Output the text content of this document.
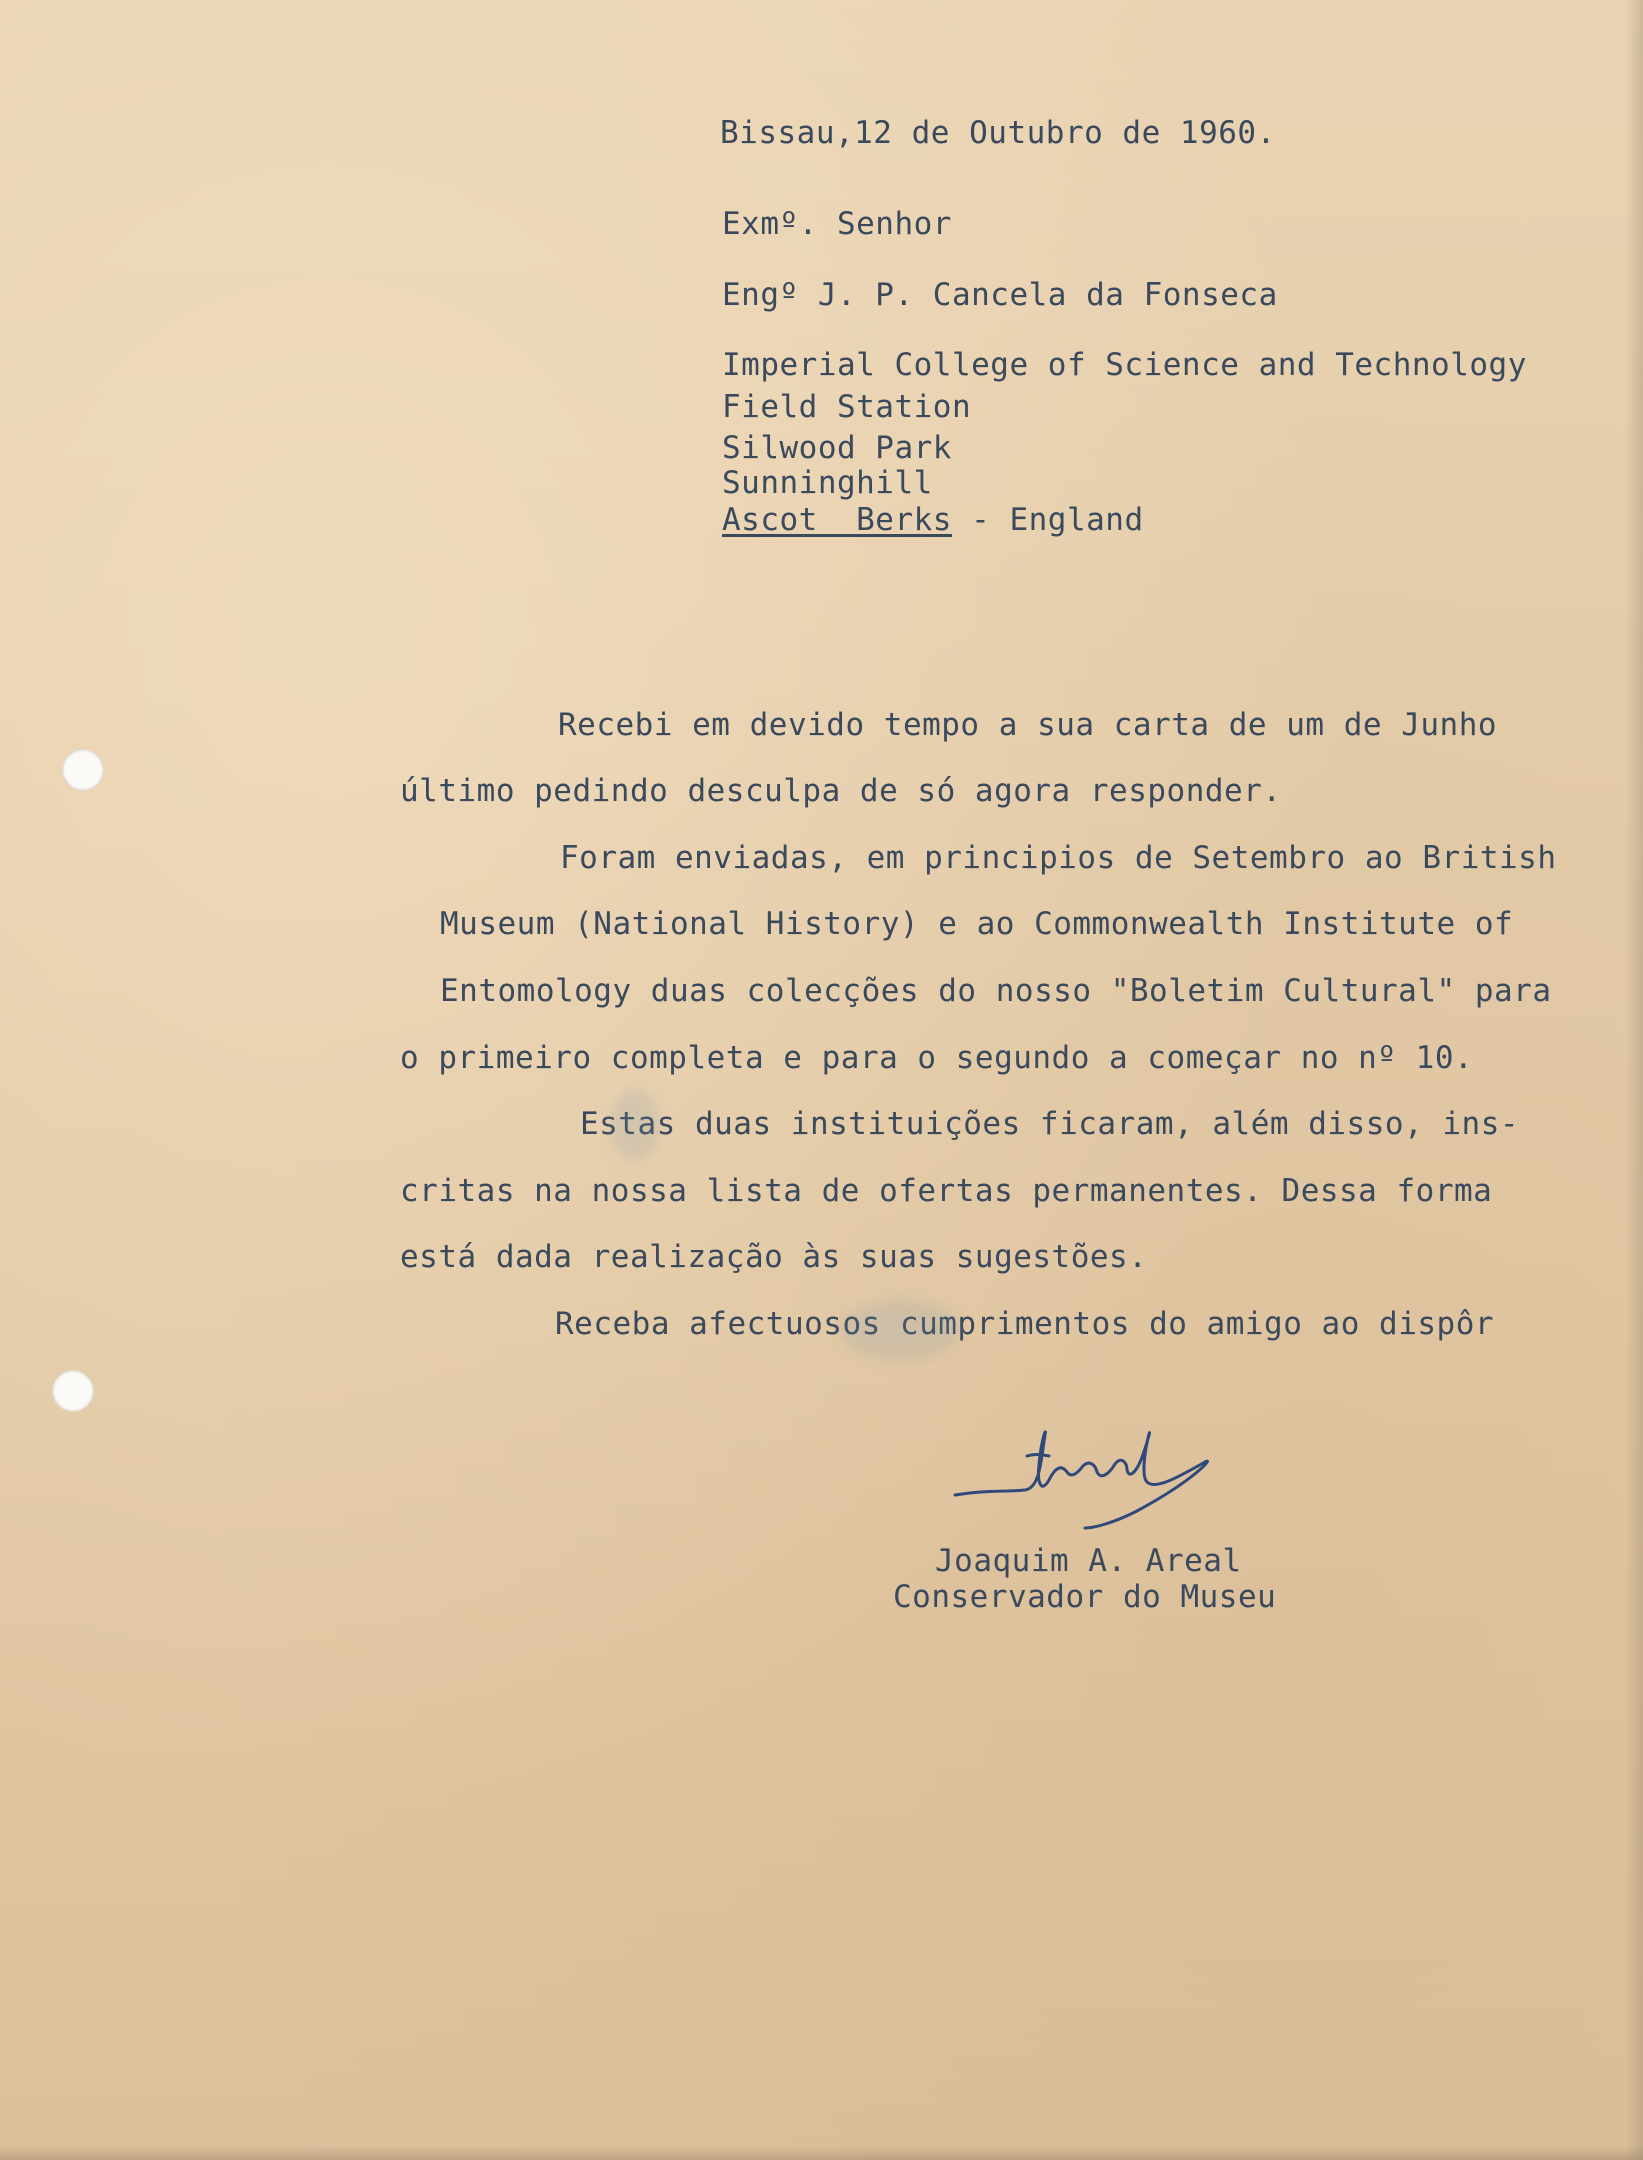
Bissau,12 de Outubro de 1960.

Exmº. Senhor

Engº J. P. Cancela da Fonseca

Imperial College of Science and Technology

Field Station

Silwood Park

Sunninghill

Ascot  Berks - England

Recebi em devido tempo a sua carta de um de Junho

último pedindo desculpa de só agora responder.

Foram enviadas, em principios de Setembro ao British

Museum (National History) e ao Commonwealth Institute of

Entomology duas colecções do nosso "Boletim Cultural" para

o primeiro completa e para o segundo a começar no nº 10.

Estas duas instituições ficaram, além disso, ins-

critas na nossa lista de ofertas permanentes. Dessa forma

está dada realização às suas sugestões.

Receba afectuosos cumprimentos do amigo ao dispôr

Joaquim A. Areal

Conservador do Museu
